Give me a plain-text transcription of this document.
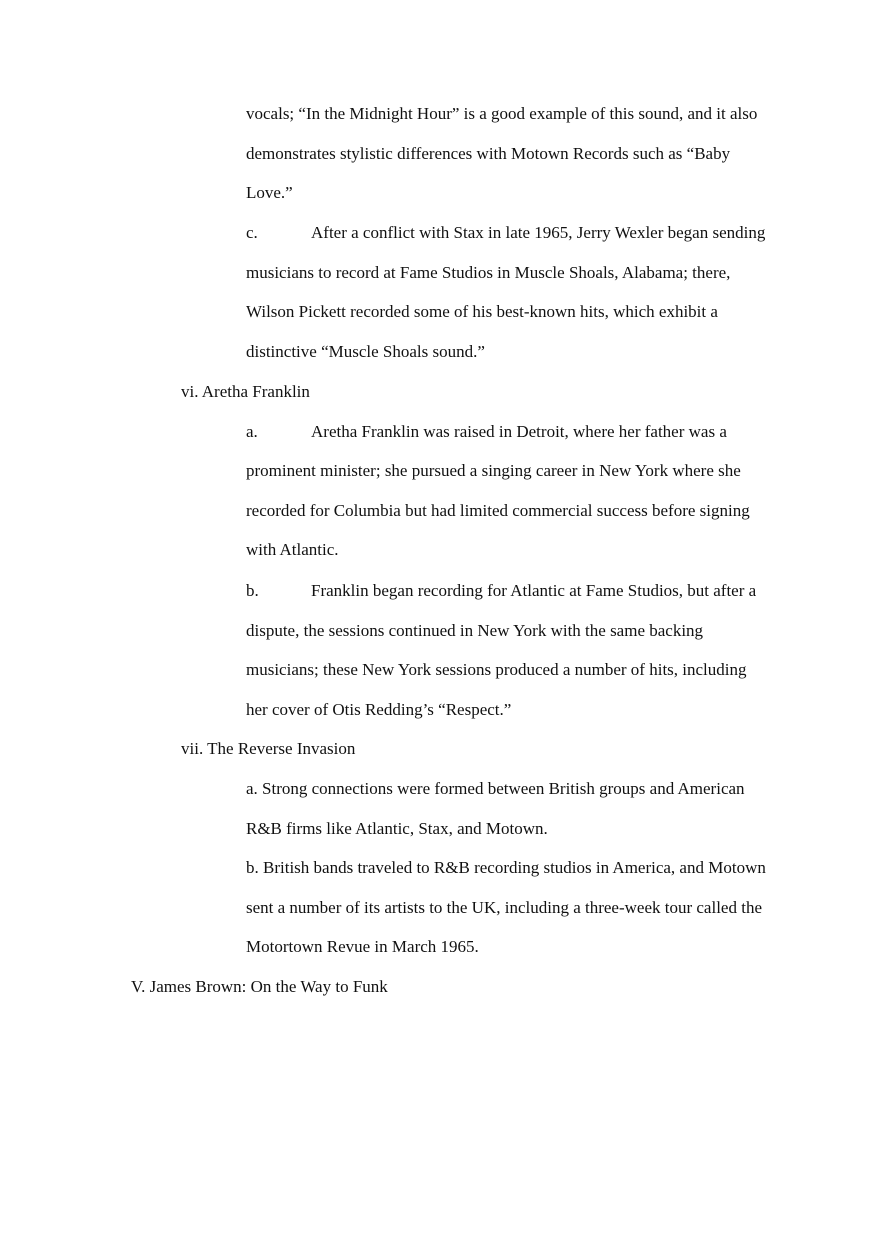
vocals; “In the Midnight Hour” is a good example of this sound, and it also

demonstrates stylistic differences with Motown Records such as “Baby

Love.”

c.	After a conflict with Stax in late 1965, Jerry Wexler began sending

musicians to record at Fame Studios in Muscle Shoals, Alabama; there,

Wilson Pickett recorded some of his best-known hits, which exhibit a

distinctive “Muscle Shoals sound.”

vi. Aretha Franklin

a.	Aretha Franklin was raised in Detroit, where her father was a

prominent minister; she pursued a singing career in New York where she

recorded for Columbia but had limited commercial success before signing

with Atlantic.

b.	Franklin began recording for Atlantic at Fame Studios, but after a

dispute, the sessions continued in New York with the same backing

musicians; these New York sessions produced a number of hits, including

her cover of Otis Redding’s “Respect.”

vii. The Reverse Invasion

a. Strong connections were formed between British groups and American

R&B firms like Atlantic, Stax, and Motown.

b. British bands traveled to R&B recording studios in America, and Motown

sent a number of its artists to the UK, including a three-week tour called the

Motortown Revue in March 1965.

V. James Brown: On the Way to Funk
